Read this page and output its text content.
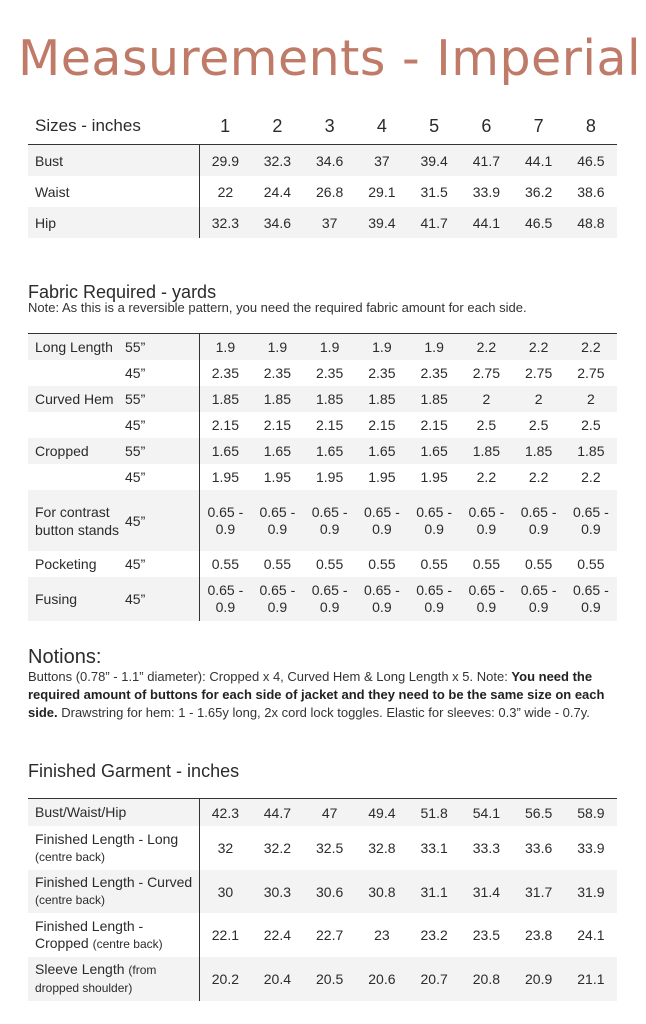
Measurements - Imperial
Sizes - inches	1	2	3	4	5	6	7	8
Bust	29.9	32.3	34.6	37	39.4	41.7	44.1	46.5
Waist	22	24.4	26.8	29.1	31.5	33.9	36.2	38.6
Hip	32.3	34.6	37	39.4	41.7	44.1	46.5	48.8
Fabric Required - yards
Note: As this is a reversible pattern, you need the required fabric amount for each side.
Long Length	55”	1.9	1.9	1.9	1.9	1.9	2.2	2.2	2.2
	45”	2.35	2.35	2.35	2.35	2.35	2.75	2.75	2.75
Curved Hem	55”	1.85	1.85	1.85	1.85	1.85	2	2	2
	45”	2.15	2.15	2.15	2.15	2.15	2.5	2.5	2.5
Cropped	55”	1.65	1.65	1.65	1.65	1.65	1.85	1.85	1.85
	45”	1.95	1.95	1.95	1.95	1.95	2.2	2.2	2.2
For contrast button stands	45”	0.65 - 0.9	0.65 - 0.9	0.65 - 0.9	0.65 - 0.9	0.65 - 0.9	0.65 - 0.9	0.65 - 0.9	0.65 - 0.9
Pocketing	45”	0.55	0.55	0.55	0.55	0.55	0.55	0.55	0.55
Fusing	45”	0.65 - 0.9	0.65 - 0.9	0.65 - 0.9	0.65 - 0.9	0.65 - 0.9	0.65 - 0.9	0.65 - 0.9	0.65 - 0.9
Notions:
Buttons (0.78” - 1.1” diameter): Cropped x 4, Curved Hem & Long Length x 5. Note: You need the required amount of buttons for each side of jacket and they need to be the same size on each side. Drawstring for hem: 1 - 1.65y long, 2x cord lock toggles. Elastic for sleeves: 0.3” wide - 0.7y.
Finished Garment - inches
Bust/Waist/Hip	42.3	44.7	47	49.4	51.8	54.1	56.5	58.9
Finished Length - Long (centre back)	32	32.2	32.5	32.8	33.1	33.3	33.6	33.9
Finished Length - Curved (centre back)	30	30.3	30.6	30.8	31.1	31.4	31.7	31.9
Finished Length - Cropped (centre back)	22.1	22.4	22.7	23	23.2	23.5	23.8	24.1
Sleeve Length (from dropped shoulder)	20.2	20.4	20.5	20.6	20.7	20.8	20.9	21.1
